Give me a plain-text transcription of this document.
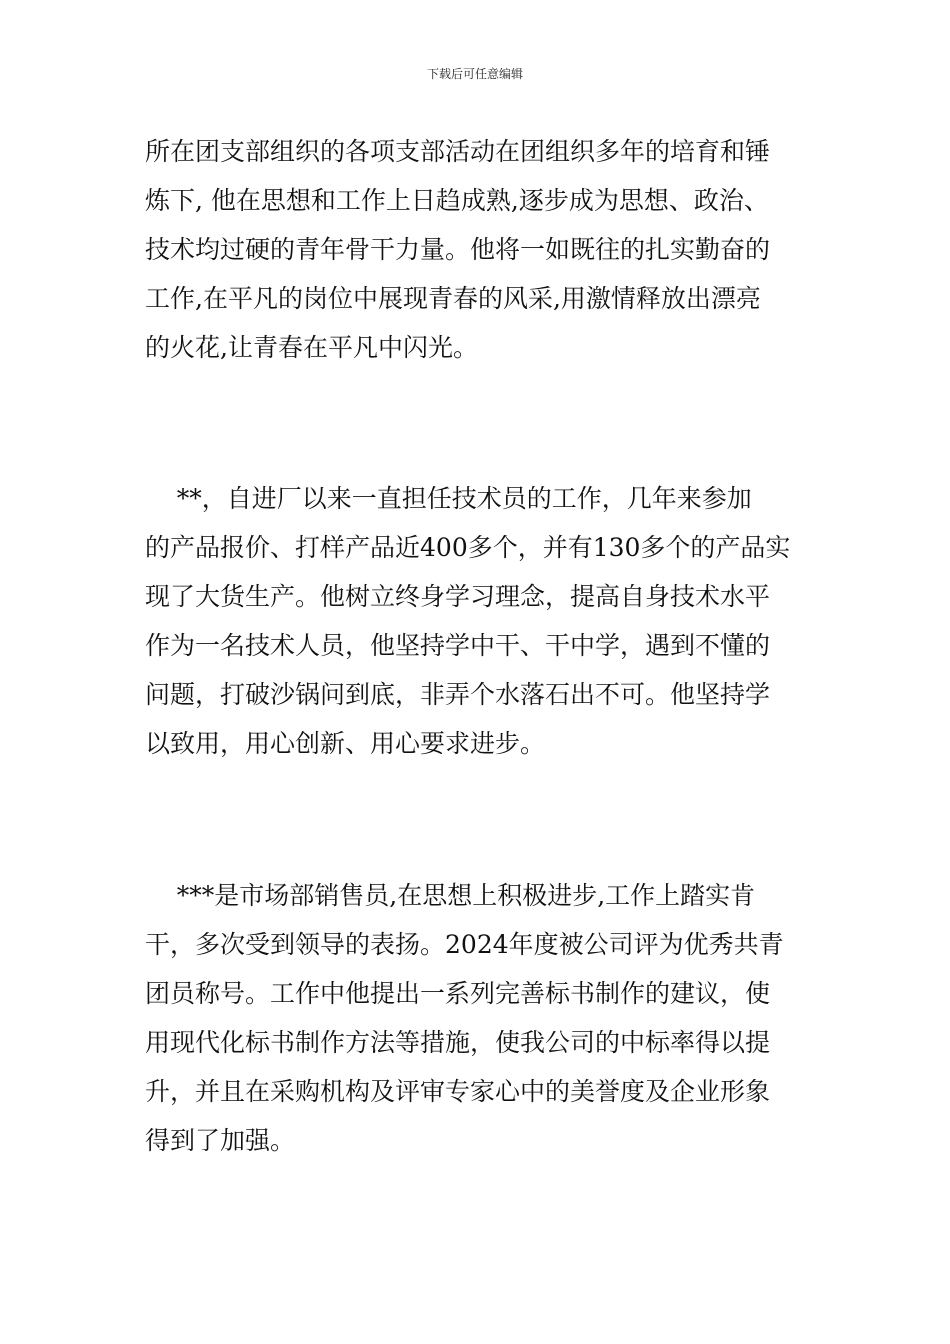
下载后可任意编辑
所在团支部组织的各项支部活动在团组织多年的培育和锤
炼下, 他在思想和工作上日趋成熟,逐步成为思想、政治、
技术均过硬的青年骨干力量。他将一如既往的扎实勤奋的
工作,在平凡的岗位中展现青春的风采,用激情释放出漂亮
的火花,让青春在平凡中闪光。
**，自进厂以来一直担任技术员的工作，几年来参加
的产品报价、打样产品近400多个，并有130多个的产品实
现了大货生产。他树立终身学习理念，提高自身技术水平
作为一名技术人员，他坚持学中干、干中学，遇到不懂的
问题，打破沙锅问到底，非弄个水落石出不可。他坚持学
以致用，用心创新、用心要求进步。
***是市场部销售员,在思想上积极进步,工作上踏实肯
干，多次受到领导的表扬。2024年度被公司评为优秀共青
团员称号。工作中他提出一系列完善标书制作的建议，使
用现代化标书制作方法等措施，使我公司的中标率得以提
升，并且在采购机构及评审专家心中的美誉度及企业形象
得到了加强。
